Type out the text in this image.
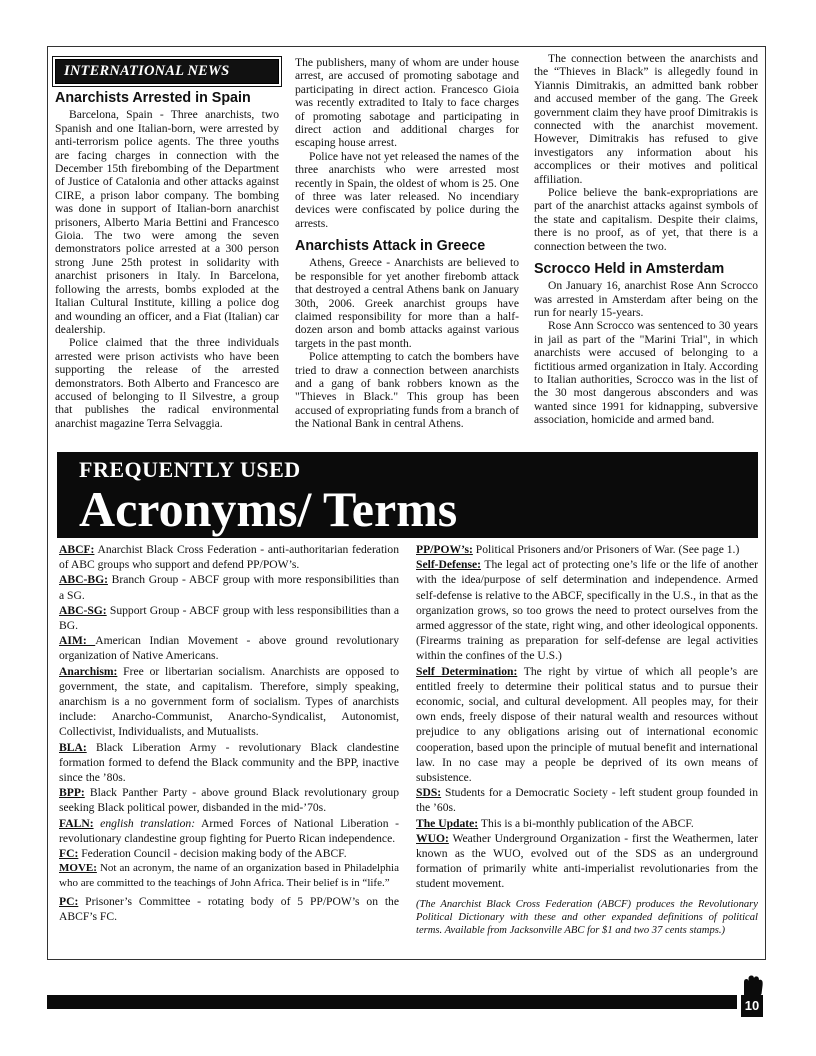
INTERNATIONAL NEWS
Anarchists Arrested in Spain

Barcelona, Spain - Three anarchists, two Spanish and one Italian-born, were arrested by anti-terrorism police agents. The three youths are facing charges in connection with the December 15th firebombing of the Department of Justice of Catalonia and other attacks against CIRE, a prison labor company. The bombing was done in support of Italian-born anarchist prisoners, Alberto Maria Bettini and Francesco Gioia. The two were among the seven demonstrators police arrested at a 300 person strong June 25th protest in solidarity with anarchist prisoners in Italy. In Barcelona, following the arrests, bombs exploded at the Italian Cultural Institute, killing a police dog and wounding an officer, and a Fiat (Italian) car dealership.

Police claimed that the three individuals arrested were prison activists who have been supporting the release of the arrested demonstrators. Both Alberto and Francesco are accused of belonging to Il Silvestre, a group that publishes the radical environmental anarchist magazine Terra Selvaggia.

The publishers, many of whom are under house arrest, are accused of promoting sabotage and participating in direct action. Francesco Gioia was recently extradited to Italy to face charges of promoting sabotage and participating in direct action and additional charges for escaping house arrest.

Police have not yet released the names of the three anarchists who were arrested most recently in Spain, the oldest of whom is 25. One of three was later released. No incendiary devices were confiscated by police during the arrests.

Anarchists Attack in Greece

Athens, Greece - Anarchists are believed to be responsible for yet another firebomb attack that destroyed a central Athens bank on January 30th, 2006. Greek anarchist groups have claimed responsibility for more than a half-dozen arson and bomb attacks against various targets in the past month.

Police attempting to catch the bombers have tried to draw a connection between anarchists and a gang of bank robbers known as the "Thieves in Black." This group has been accused of expropriating funds from a branch of the National Bank in central Athens.

The connection between the anarchists and the “Thieves in Black” is allegedly found in Yiannis Dimitrakis, an admitted bank robber and accused member of the gang. The Greek government claim they have proof Dimitrakis is connected with the anarchist movement. However, Dimitrakis has refused to give investigators any information about his accomplices or their motives and political affiliation.

Police believe the bank-expropriations are part of the anarchist attacks against symbols of the state and capitalism. Despite their claims, there is no proof, as of yet, that there is a connection between the two.

Scrocco Held in Amsterdam

On January 16, anarchist Rose Ann Scrocco was arrested in Amsterdam after being on the run for nearly 15-years.

Rose Ann Scrocco was sentenced to 30 years in jail as part of the "Marini Trial", in which anarchists were accused of belonging to a fictitious armed organization in Italy. According to Italian authorities, Scrocco was in the list of the 30 most dangerous absconders and was wanted since 1991 for kidnapping, subversive association, homicide and armed band.

FREQUENTLY USED
Acronyms/ Terms

ABCF: Anarchist Black Cross Federation - anti-authoritarian federation of ABC groups who support and defend PP/POW’s.

ABC-BG: Branch Group - ABCF group with more responsibilities than a SG.

ABC-SG: Support Group - ABCF group with less responsibilities than a BG.

AIM: American Indian Movement - above ground revolutionary organization of Native Americans.

Anarchism: Free or libertarian socialism. Anarchists are opposed to government, the state, and capitalism. Therefore, simply speaking, anarchism is a no government form of socialism. Types of anarchists include: Anarcho-Communist, Anarcho-Syndicalist, Autonomist, Collectivist, Individualists, and Mutualists.

BLA: Black Liberation Army - revolutionary Black clandestine formation formed to defend the Black community and the BPP, inactive since the ’80s.

BPP: Black Panther Party - above ground Black revolutionary group seeking Black political power, disbanded in the mid-’70s.

FALN: english translation: Armed Forces of National Liberation - revolutionary clandestine group fighting for Puerto Rican independence.

FC: Federation Council - decision making body of the ABCF.

MOVE: Not an acronym, the name of an organization based in Philadelphia who are committed to the teachings of John Africa. Their belief is in “life.”

PC: Prisoner’s Committee - rotating body of 5 PP/POW’s on the ABCF’s FC.

PP/POW’s: Political Prisoners and/or Prisoners of War. (See page 1.)

Self-Defense: The legal act of protecting one’s life or the life of another with the idea/purpose of self determination and independence. Armed self-defense is relative to the ABCF, specifically in the U.S., in that as the organization grows, so too grows the need to protect ourselves from the armed aggressor of the state, right wing, and other ideological opponents. (Firearms training as preparation for self-defense are legal activities within the confines of the U.S.)

Self Determination: The right by virtue of which all people’s are entitled freely to determine their political status and to pursue their economic, social, and cultural development. All peoples may, for their own ends, freely dispose of their natural wealth and resources without prejudice to any obligations arising out of international economic cooperation, based upon the principle of mutual benefit and international law. In no case may a people be deprived of its own means of subsistence.

SDS: Students for a Democratic Society - left student group founded in the ’60s.

The Update: This is a bi-monthly publication of the ABCF.

WUO: Weather Underground Organization - first the Weathermen, later known as the WUO, evolved out of the SDS as an underground formation of primarily white anti-imperialist revolutionaries from the student movement.

(The Anarchist Black Cross Federation (ABCF) produces the Revolutionary Political Dictionary with these and other expanded definitions of political terms. Available from Jacksonville ABC for $1 and two 37 cents stamps.)

10
